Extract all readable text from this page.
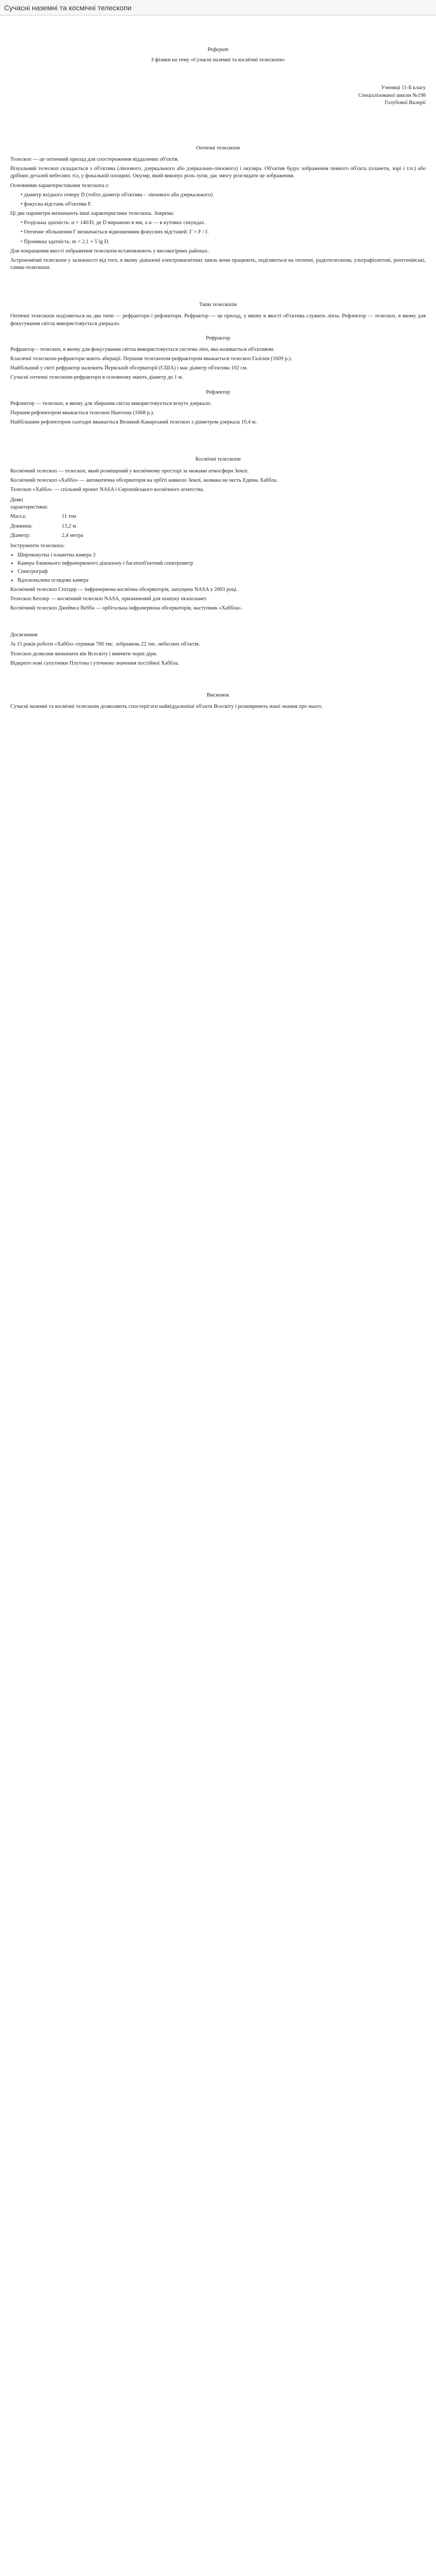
Сучасні наземні та космічні телескопи
Реферат
З фізики на тему «Сучасні наземні та космічні телескопи»
Учениці 11-Б класу
Спеціалізованої школи №198
Голубової Валерії
Оптичні телескопи

Телескоп — це оптичний прилад для спостереження віддалених об'єктів.

Візуальний телескоп складається з об'єктива (лінзового, дзеркального або дзеркально-лінзового) і окуляра. Об'єктив будує зображення певного об'єкта (планети, зорі і т.п.) або дрібних деталей небесних тіл, у фокальній площині. Окуляр, який виконує роль лупи, дає змогу розглядати це зображення.

Основними характеристиками телескопа є:

• діаметр вхідного отвору D (тобто діаметр об'єктива – лінзового або дзеркального)

• фокусна відстань об'єктива F.

Ці два параметри визначають інші характеристики телескопа. Зокрема:

• Роздільна здатність: α = 140/D, де D виражено в мм, а α — в кутових секундах.

• Оптичне збільшення Г визначається відношенням фокусних відстаней: Г = F / f.

• Проникна здатність: m = 2,1 + 5 lg D.

Для покращення якості зображення телескопи встановлюють у високогірних районах.

Астрономічні телескопи у залежності від того, в якому діапазоні електромагнітних хвиль вони працюють, поділяються на оптичні, радіотелескопи, ультрафіолетові, рентгенівські, гамма-телескопи.

Типи телескопів

Оптичні телескопи поділяються на два типи — рефрактори і рефлектори. Рефрактор — це прилад, у якому в якості об'єктива служить лінза. Рефлектор — телескоп, в якому для фокусування світла використовується дзеркало.

Рефрактор

Рефрактор – телескоп, в якому для фокусування світла використовується система лінз, яка називається об'єктивом.

Класичні телескопи-рефрактори мають аберації. Першим телескопом-рефрактором вважається телескоп Галілея (1609 р.).

Найбільший у світі рефрактор належить Йеркській обсерваторії (США) і має діаметр об'єктива 102 см.

Сучасні оптичні телескопи-рефрактори в основному мають діаметр до 1 м.

Рефлектор

Рефлектор — телескоп, в якому для збирання світла використовується вгнуте дзеркало.

Першим рефлектором вважається телескоп Ньютона (1668 р.).

Найбільшим рефлектором сьогодні вважається Великий Канарський телескоп з діаметром дзеркала 10,4 м.

Космічні телескопи

Космічний телескоп — телескоп, який розміщений у космічному просторі за межами атмосфери Землі.

Космічний телескоп «Хаббл» — автоматична обсерваторія на орбіті навколо Землі, названа на честь Едвіна Хаббла.

Телескоп «Хаббл» — спільний проект NASA і Європейського космічного агентства.

Деякі характеристики:
Масса:	11 тон
Довжина:	13,2 м
Діаметр:	2,4 метра

Інструменти телескопа:

• Ширококутна і планетна камера 2
• Камера ближнього інфрачервоного діапазону і багатооб'єктний спектрометр
• Спектрограф
• Вдосконалена оглядова камера

Космічний телескоп Спітцер — інфрачервона космічна обсерваторія, запущена NASA у 2003 році.

Телескоп Кеплер — космічний телескоп NASA, призначений для пошуку екзопланет.

Космічний телескоп Джеймса Вебба — орбітальна інфрачервона обсерваторія, наступник «Хаббла».

Досягнення

За 15 років роботи «Хаббл» отримав 700 тис. зображень 22 тис. небесних об'єктів.

Телескоп дозволив визначити вік Всесвіту і вивчити чорні діри.

Відкрито нові супутники Плутона і уточнено значення постійної Хаббла.

Висновок

Сучасні наземні та космічні телескопи дозволяють спостерігати найвіддаленіші об'єкти Всесвіту і розширюють наші знання про нього.
